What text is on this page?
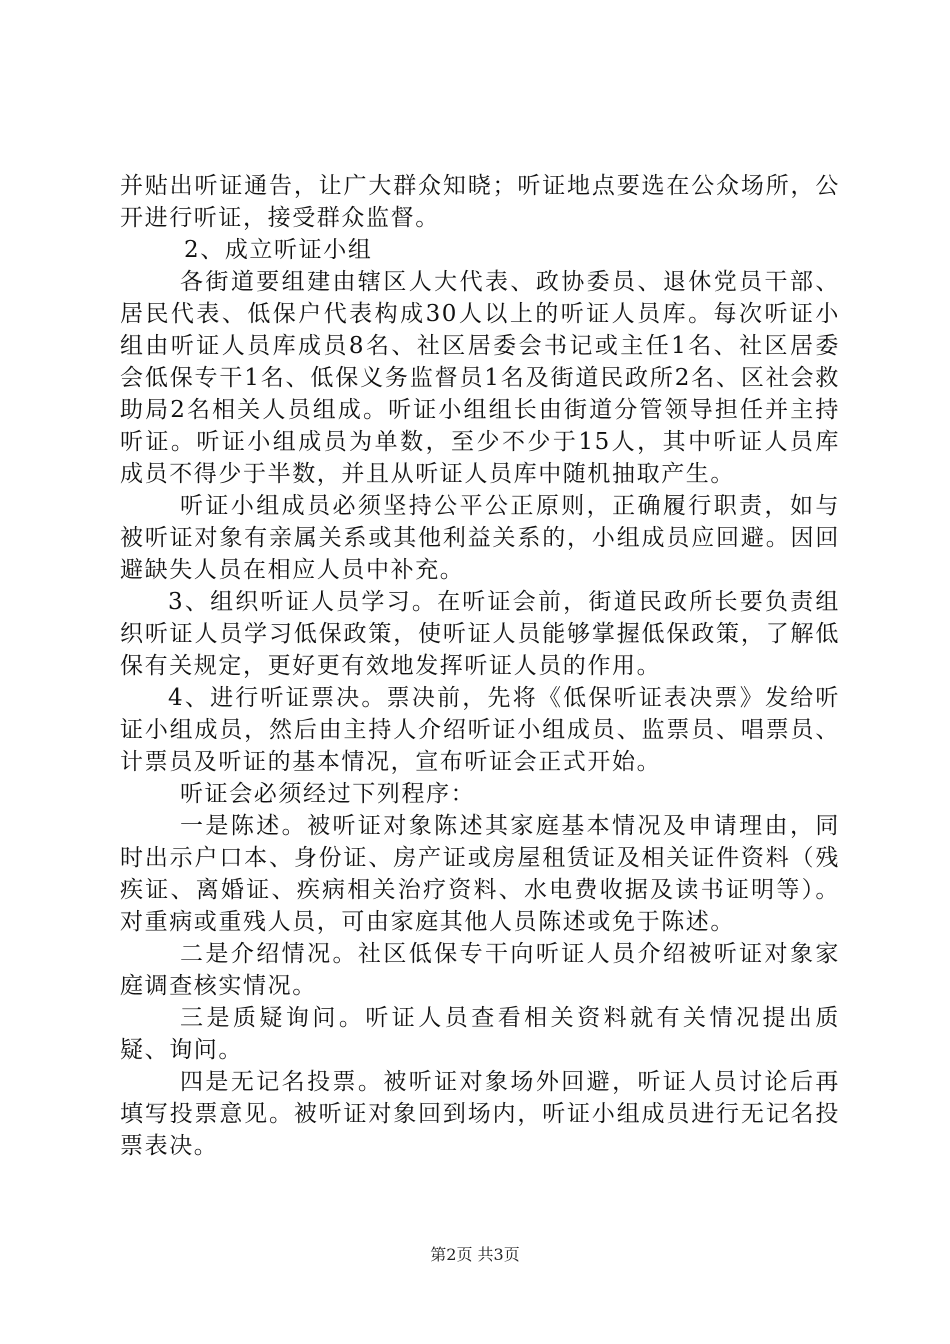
并贴出听证通告，让广大群众知晓；听证地点要选在公众场所，公开进行听证，接受群众监督。

2、成立听证小组

各街道要组建由辖区人大代表、政协委员、退休党员干部、居民代表、低保户代表构成30人以上的听证人员库。每次听证小组由听证人员库成员8名、社区居委会书记或主任1名、社区居委会低保专干1名、低保义务监督员1名及街道民政所2名、区社会救助局2名相关人员组成。听证小组组长由街道分管领导担任并主持听证。听证小组成员为单数，至少不少于15人，其中听证人员库成员不得少于半数，并且从听证人员库中随机抽取产生。

听证小组成员必须坚持公平公正原则，正确履行职责，如与被听证对象有亲属关系或其他利益关系的，小组成员应回避。因回避缺失人员在相应人员中补充。

3、组织听证人员学习。在听证会前，街道民政所长要负责组织听证人员学习低保政策，使听证人员能够掌握低保政策，了解低保有关规定，更好更有效地发挥听证人员的作用。

4、进行听证票决。票决前，先将《低保听证表决票》发给听证小组成员，然后由主持人介绍听证小组成员、监票员、唱票员、计票员及听证的基本情况，宣布听证会正式开始。

听证会必须经过下列程序：

一是陈述。被听证对象陈述其家庭基本情况及申请理由，同时出示户口本、身份证、房产证或房屋租赁证及相关证件资料（残疾证、离婚证、疾病相关治疗资料、水电费收据及读书证明等）。对重病或重残人员，可由家庭其他人员陈述或免于陈述。

二是介绍情况。社区低保专干向听证人员介绍被听证对象家庭调查核实情况。

三是质疑询问。听证人员查看相关资料就有关情况提出质疑、询问。

四是无记名投票。被听证对象场外回避，听证人员讨论后再填写投票意见。被听证对象回到场内，听证小组成员进行无记名投票表决。

第2页 共3页
